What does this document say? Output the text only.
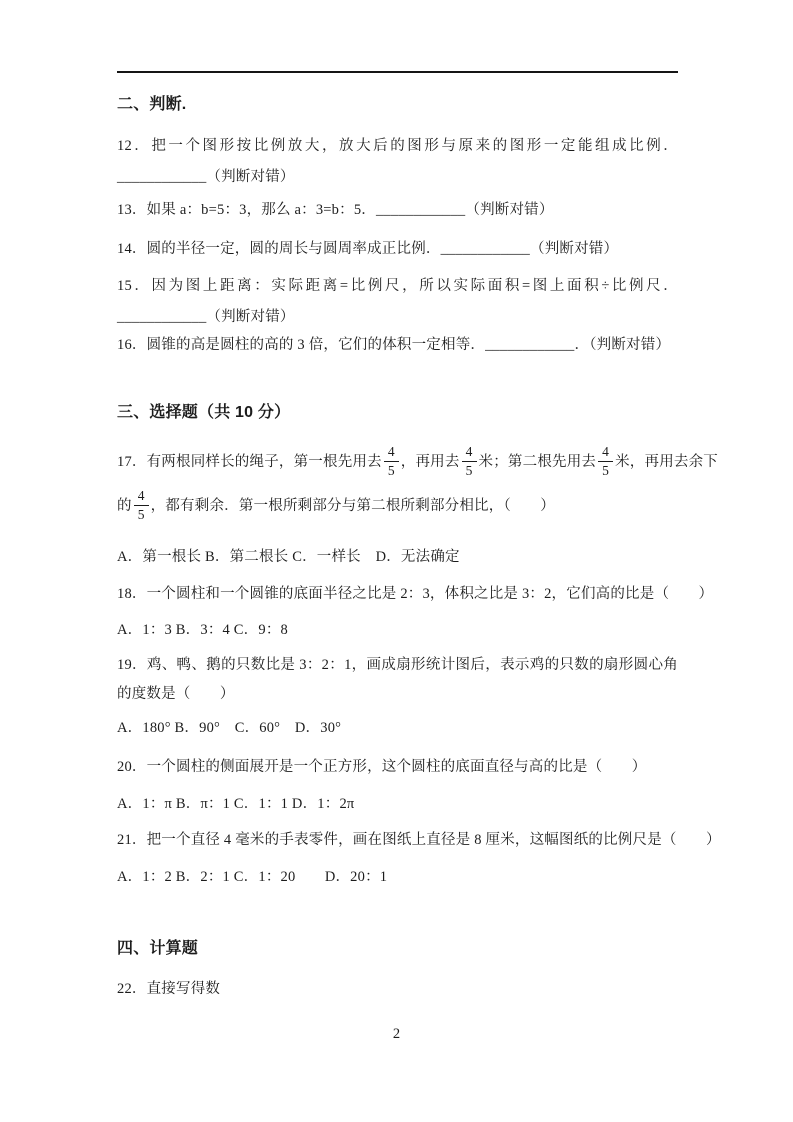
二、判断.
12．把一个图形按比例放大，放大后的图形与原来的图形一定能组成比例．____________（判断对错）
13．如果 a：b=5：3，那么 a：3=b：5．____________（判断对错）
14．圆的半径一定，圆的周长与圆周率成正比例．____________（判断对错）
15．因为图上距离：实际距离=比例尺，所以实际面积=图上面积÷比例尺．____________（判断对错）
16．圆锥的高是圆柱的高的 3 倍，它们的体积一定相等．____________．（判断对错）
三、选择题（共 10 分）
17．有两根同样长的绳子，第一根先用去 $\frac{4}{5}$ ，再用去 $\frac{4}{5}$ 米；第二根先用去 $\frac{4}{5}$ 米，再用去余下
的 $\frac{4}{5}$ ，都有剩余．第一根所剩部分与第二根所剩部分相比，（　　）
A．第一根长 B．第二根长 C．一样长　D．无法确定
18．一个圆柱和一个圆锥的底面半径之比是 2：3，体积之比是 3：2，它们高的比是（　　）
A．1：3 B．3：4 C．9：8
19．鸡、鸭、鹅的只数比是 3：2：1，画成扇形统计图后，表示鸡的只数的扇形圆心角的度数是（　　）
A．180° B．90°　C．60°　D．30°
20．一个圆柱的侧面展开是一个正方形，这个圆柱的底面直径与高的比是（　　）
A．1：π B．π：1 C．1：1 D．1：2π
21．把一个直径 4 毫米的手表零件，画在图纸上直径是 8 厘米，这幅图纸的比例尺是（　　）
A．1：2 B．2：1 C．1：20　　D．20：1
四、计算题
22．直接写得数
2
